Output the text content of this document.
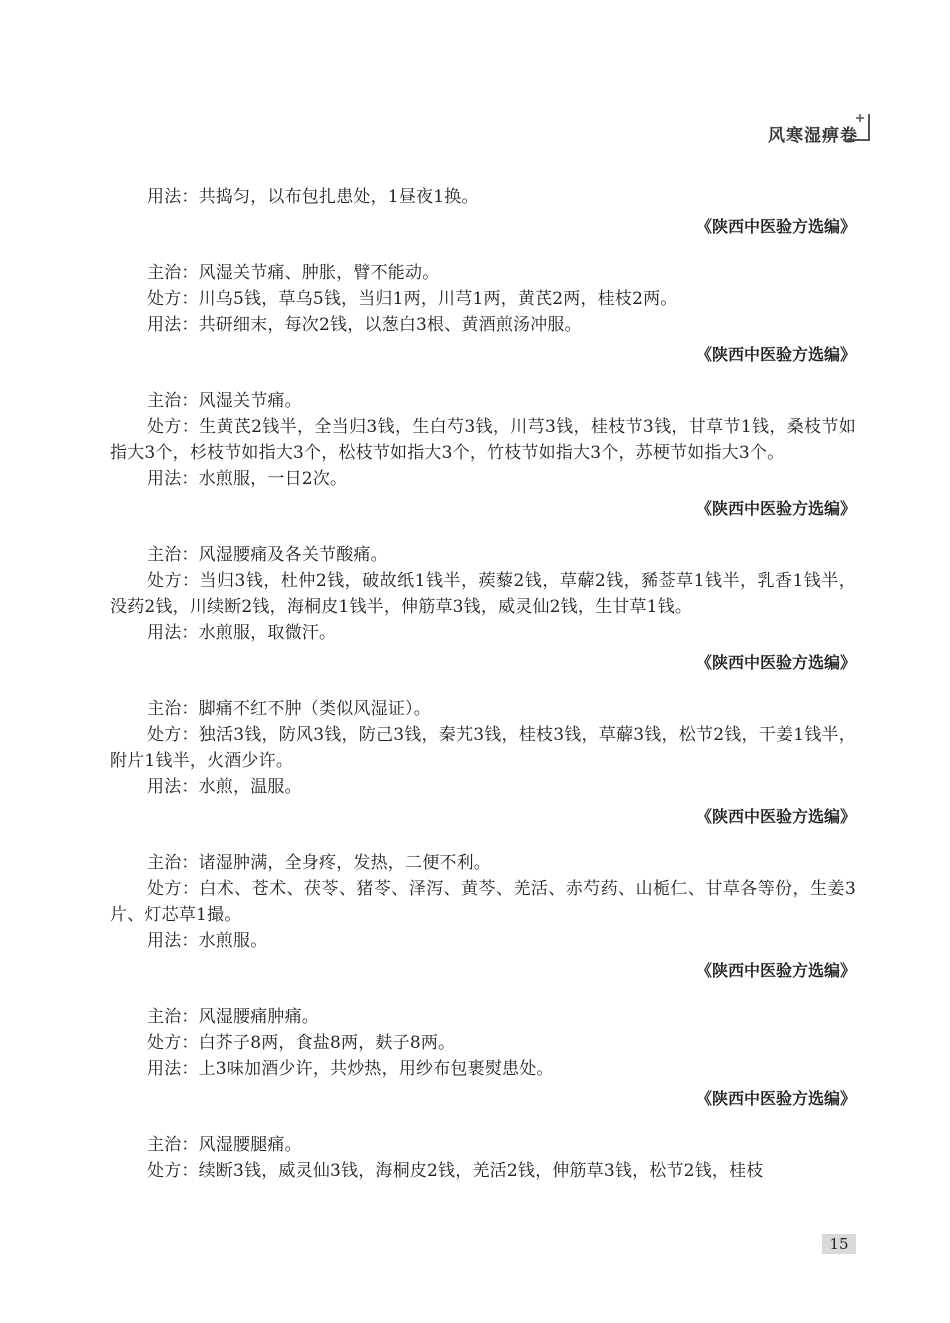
风寒湿痹卷

用法：共捣匀，以布包扎患处，1昼夜1换。

《陕西中医验方选编》

主治：风湿关节痛、肿胀，臂不能动。

处方：川乌5钱，草乌5钱，当归1两，川芎1两，黄芪2两，桂枝2两。

用法：共研细末，每次2钱，以葱白3根、黄酒煎汤冲服。

《陕西中医验方选编》

主治：风湿关节痛。

处方：生黄芪2钱半，全当归3钱，生白芍3钱，川芎3钱，桂枝节3钱，甘草节1钱，桑枝节如指大3个，杉枝节如指大3个，松枝节如指大3个，竹枝节如指大3个，苏梗节如指大3个。

用法：水煎服，一日2次。

《陕西中医验方选编》

主治：风湿腰痛及各关节酸痛。

处方：当归3钱，杜仲2钱，破故纸1钱半，蒺藜2钱，草薢2钱，豨莶草1钱半，乳香1钱半，没药2钱，川续断2钱，海桐皮1钱半，伸筋草3钱，威灵仙2钱，生甘草1钱。

用法：水煎服，取微汗。

《陕西中医验方选编》

主治：脚痛不红不肿（类似风湿证）。

处方：独活3钱，防风3钱，防己3钱，秦艽3钱，桂枝3钱，草薢3钱，松节2钱，干姜1钱半，附片1钱半，火酒少许。

用法：水煎，温服。

《陕西中医验方选编》

主治：诸湿肿满，全身疼，发热，二便不利。

处方：白术、苍术、茯苓、猪苓、泽泻、黄芩、羌活、赤芍药、山栀仁、甘草各等份，生姜3片、灯芯草1撮。

用法：水煎服。

《陕西中医验方选编》

主治：风湿腰痛肿痛。

处方：白芥子8两，食盐8两，麸子8两。

用法：上3味加酒少许，共炒热，用纱布包裹熨患处。

《陕西中医验方选编》

主治：风湿腰腿痛。

处方：续断3钱，威灵仙3钱，海桐皮2钱，羌活2钱，伸筋草3钱，松节2钱，桂枝

15
